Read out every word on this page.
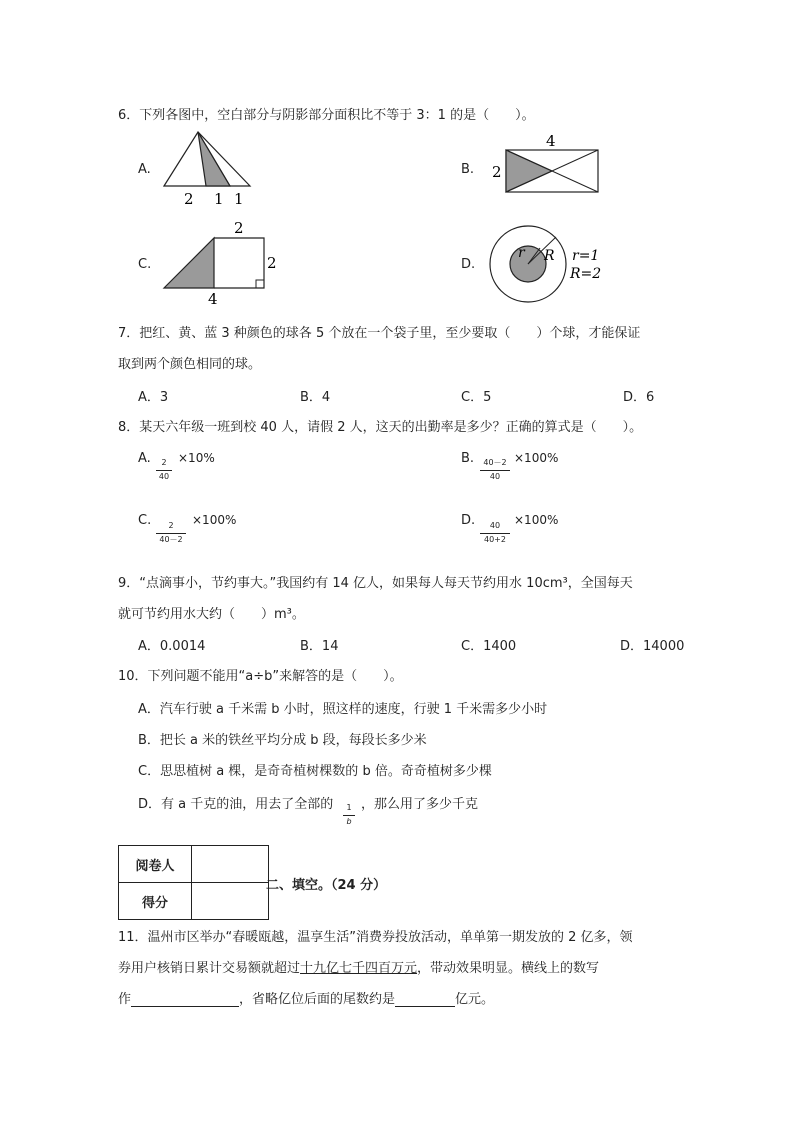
6．下列各图中，空白部分与阴影部分面积比不等于 3：1 的是（　　）。
A.
2 1 1
B.
4
2
C.
2
2
4
D.
r R r=1
R=2
7．把红、黄、蓝 3 种颜色的球各 5 个放在一个袋子里，至少要取（　　）个球，才能保证
取到两个颜色相同的球。
A．3	B．4	C．5	D．6
8．某天六年级一班到校 40 人，请假 2 人，这天的出勤率是多少？正确的算式是（　　）。
A.	2
40
×10%	B.	40－2
40
×100%
C.	2
40－2
×100%	D.	40
40+2
×100%
9．“点滴事小，节约事大。”我国约有 14 亿人，如果每人每天节约用水 10cm³，全国每天
就可节约用水大约（　　）m³。
A．0.0014	B．14	C．1400	D．14000
10．下列问题不能用“a÷b”来解答的是（　　）。
A．汽车行驶 a 千米需 b 小时，照这样的速度，行驶 1 千米需多少小时
B．把长 a 米的铁丝平均分成 b 段，每段长多少米
C．思思植树 a 棵，是奇奇植树棵数的 b 倍。奇奇植树多少棵
D．有 a 千克的油，用去了全部的	1
b
，那么用了多少千克
阅卷人	
得分	
二、填空。（24 分）
11．温州市区举办“春暖瓯越，温享生活”消费券投放活动，单单第一期发放的 2 亿多，领
券用户核销日累计交易额就超过十九亿七千四百万元，带动效果明显。横线上的数写
作	，省略亿位后面的尾数约是	亿元。
